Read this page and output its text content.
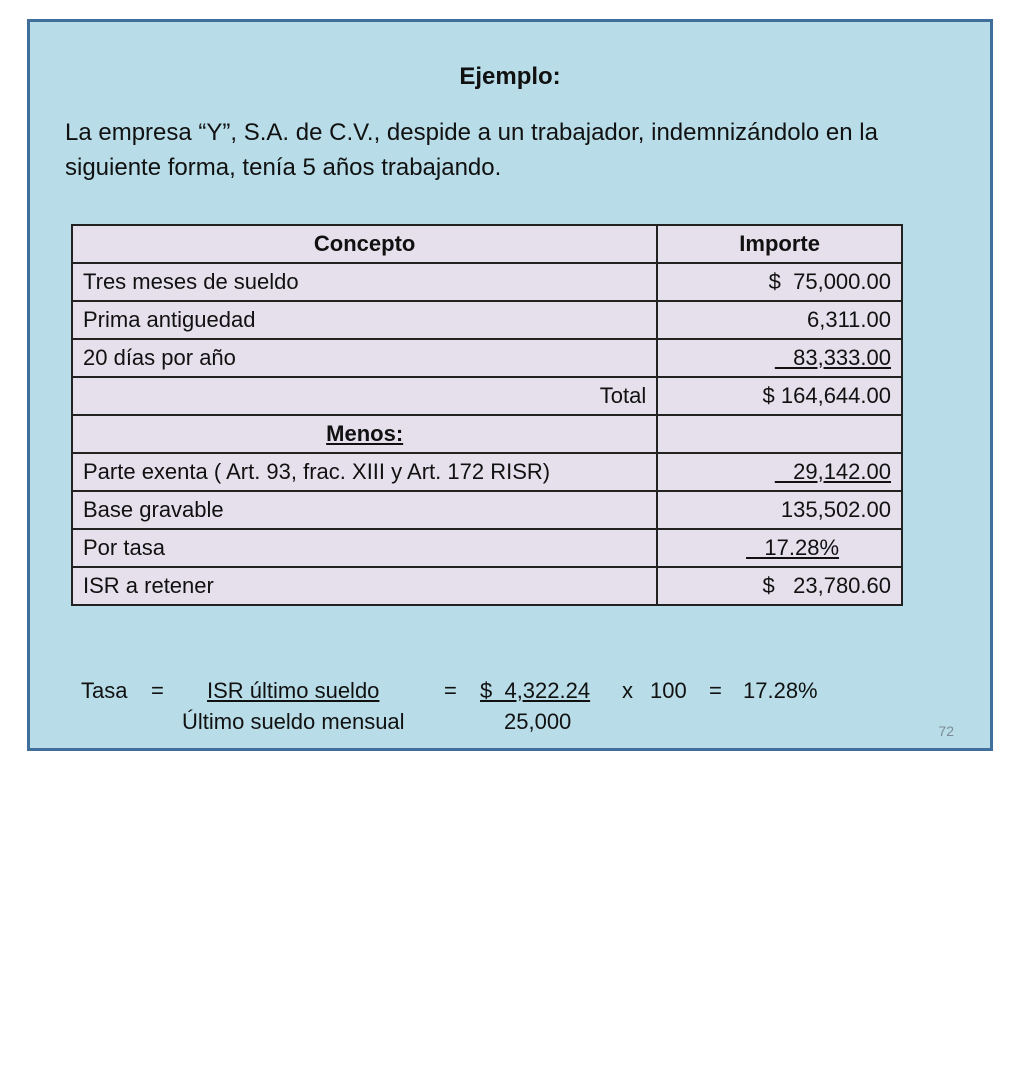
Ejemplo:
La empresa “Y”, S.A. de C.V., despide a un trabajador, indemnizándolo en la siguiente forma, tenía 5 años trabajando.
Concepto	Importe
Tres meses de sueldo	$  75,000.00
Prima antiguedad	6,311.00
20 días por año	83,333.00
Total	$ 164,644.00
Menos:	
Parte exenta ( Art. 93, frac. XIII y Art. 172 RISR)	29,142.00
Base gravable	135,502.00
Por tasa	17.28%
ISR a retener	$   23,780.60

Tasa

=

ISR último sueldo

Último sueldo mensual

=

$  4,322.24

25,000

x

100

=

17.28%

72
